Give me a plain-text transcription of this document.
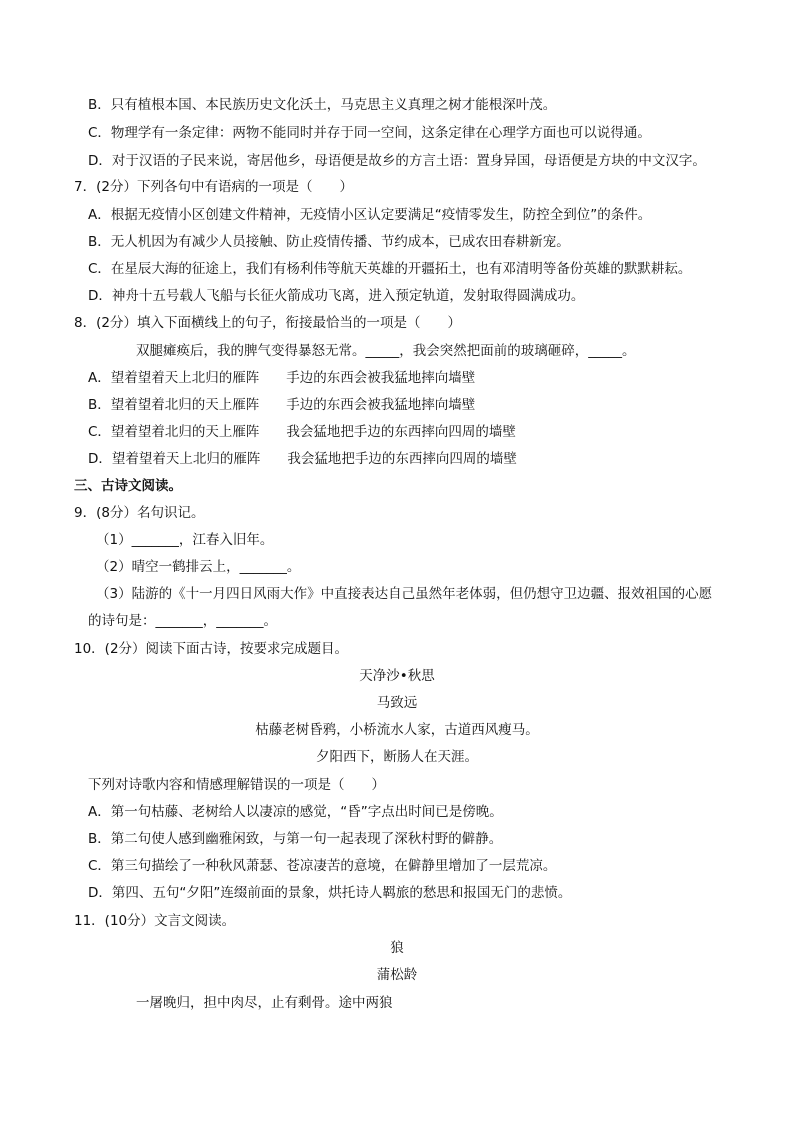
B．只有植根本国、本民族历史文化沃土，马克思主义真理之树才能根深叶茂。
C．物理学有一条定律：两物不能同时并存于同一空间，这条定律在心理学方面也可以说得通。
D．对于汉语的子民来说，寄居他乡，母语便是故乡的方言土语：置身异国，母语便是方块的中文汉字。
7．(2分）下列各句中有语病的一项是（　　）
A．根据无疫情小区创建文件精神，无疫情小区认定要满足“疫情零发生，防控全到位”的条件。
B．无人机因为有减少人员接触、防止疫情传播、节约成本，已成农田春耕新宠。
C．在星辰大海的征途上，我们有杨利伟等航天英雄的开疆拓土，也有邓清明等备份英雄的默默耕耘。
D．神舟十五号载人飞船与长征火箭成功飞离，进入预定轨道，发射取得圆满成功。
8．(2分）填入下面横线上的句子，衔接最恰当的一项是（　　）
双腿瘫痪后，我的脾气变得暴怒无常。_____，我会突然把面前的玻璃砸碎，_____。
A．望着望着天上北归的雁阵　　手边的东西会被我猛地摔向墙壁
B．望着望着北归的天上雁阵　　手边的东西会被我猛地摔向墙壁
C．望着望着北归的天上雁阵　　我会猛地把手边的东西摔向四周的墙壁
D．望着望着天上北归的雁阵　　我会猛地把手边的东西摔向四周的墙壁
三、古诗文阅读。
9．(8分）名句识记。
（1）_______，江春入旧年。
（2）晴空一鹤排云上，_______。
（3）陆游的《十一月四日风雨大作》中直接表达自己虽然年老体弱，但仍想守卫边疆、报效祖国的心愿
的诗句是：_______，_______。
10．(2分）阅读下面古诗，按要求完成题目。
天净沙•秋思
马致远
枯藤老树昏鸦，小桥流水人家，古道西风瘦马。
夕阳西下，断肠人在天涯。
下列对诗歌内容和情感理解错误的一项是（　　）
A．第一句枯藤、老树给人以凄凉的感觉，“昏”字点出时间已是傍晚。
B．第二句使人感到幽雅闲致，与第一句一起表现了深秋村野的僻静。
C．第三句描绘了一种秋风萧瑟、苍凉凄苦的意境，在僻静里增加了一层荒凉。
D．第四、五句“夕阳”连缀前面的景象，烘托诗人羁旅的愁思和报国无门的悲愤。
11．(10分）文言文阅读。
狼
蒲松龄
一屠晚归，担中肉尽，止有剩骨。途中两狼
